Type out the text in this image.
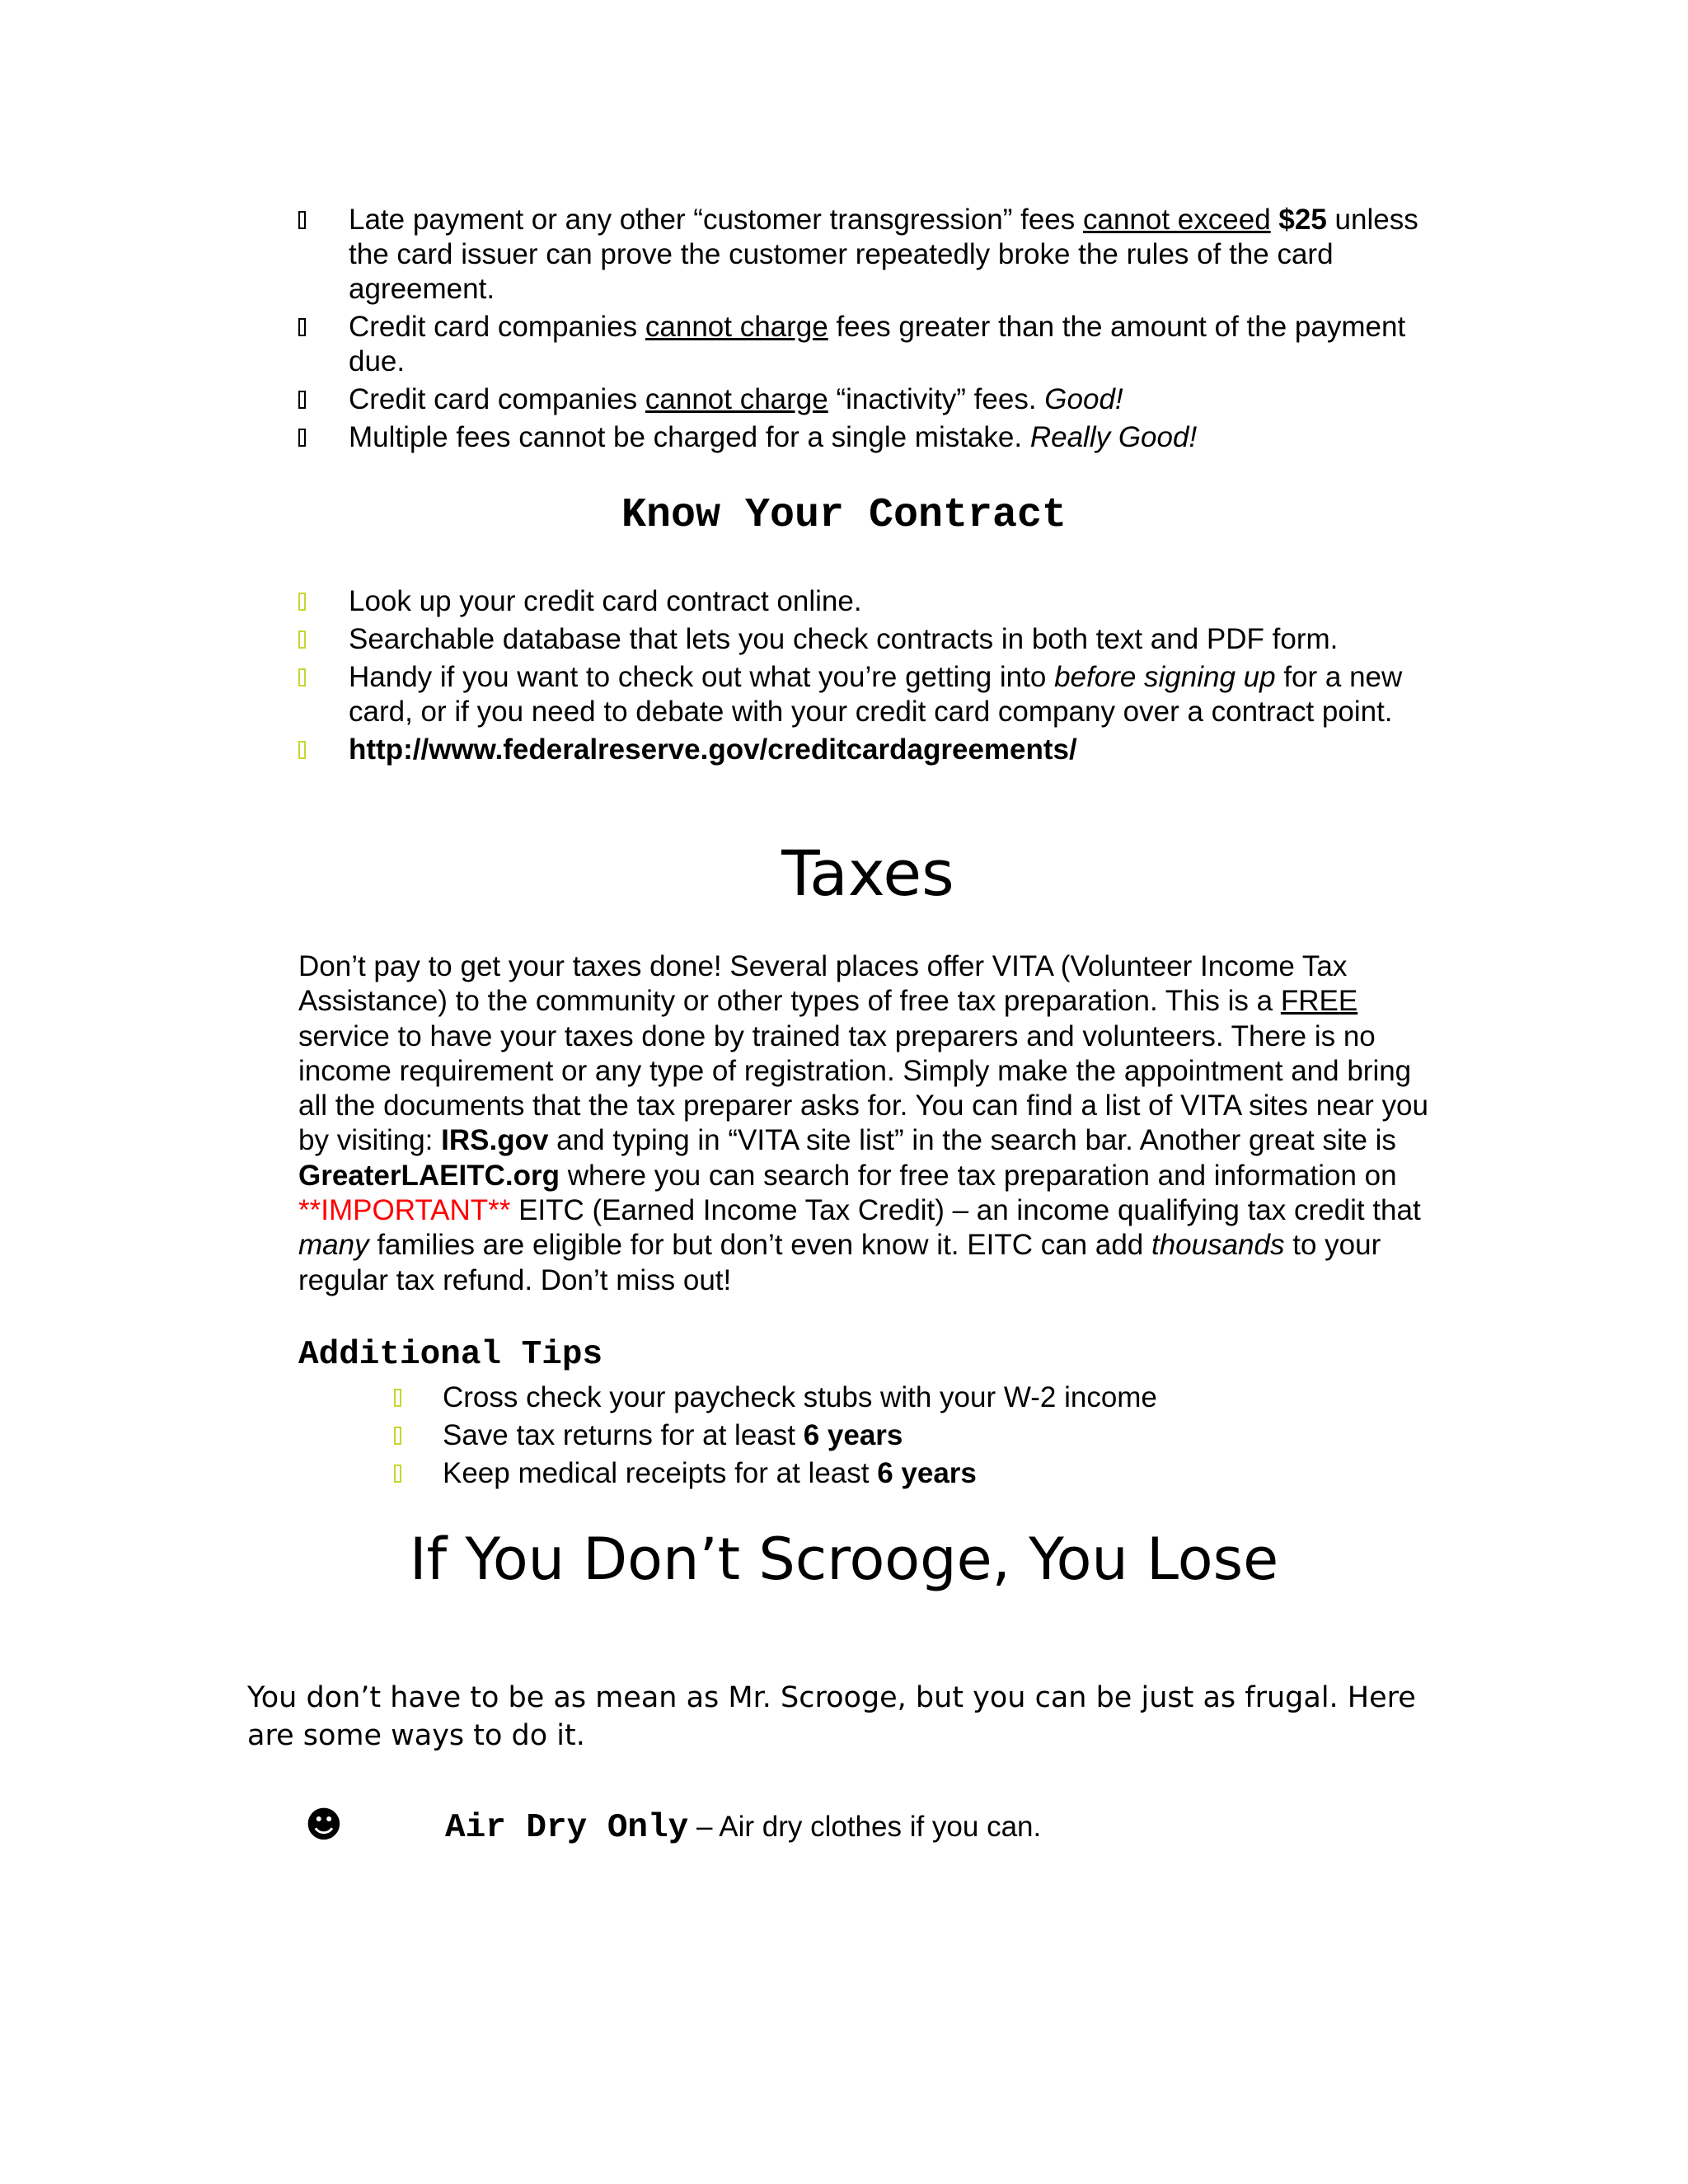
Late payment or any other “customer transgression” fees cannot exceed $25 unless the card issuer can prove the customer repeatedly broke the rules of the card agreement.
Credit card companies cannot charge fees greater than the amount of the payment due.
Credit card companies cannot charge “inactivity” fees. Good!
Multiple fees cannot be charged for a single mistake. Really Good!
Know Your Contract
Look up your credit card contract online.
Searchable database that lets you check contracts in both text and PDF form.
Handy if you want to check out what you’re getting into before signing up for a new card, or if you need to debate with your credit card company over a contract point.
http://www.federalreserve.gov/creditcardagreements/
Taxes
Don’t pay to get your taxes done! Several places offer VITA (Volunteer Income Tax Assistance) to the community or other types of free tax preparation. This is a FREE service to have your taxes done by trained tax preparers and volunteers. There is no income requirement or any type of registration. Simply make the appointment and bring all the documents that the tax preparer asks for. You can find a list of VITA sites near you by visiting: IRS.gov and typing in “VITA site list” in the search bar. Another great site is GreaterLAEITC.org where you can search for free tax preparation and information on **IMPORTANT** EITC (Earned Income Tax Credit) – an income qualifying tax credit that many families are eligible for but don’t even know it. EITC can add thousands to your regular tax refund. Don’t miss out!
Additional Tips
Cross check your paycheck stubs with your W-2 income
Save tax returns for at least 6 years
Keep medical receipts for at least 6 years
If You Don’t Scrooge, You Lose
You don’t have to be as mean as Mr. Scrooge, but you can be just as frugal. Here are some ways to do it.
☻	Air Dry Only – Air dry clothes if you can.
